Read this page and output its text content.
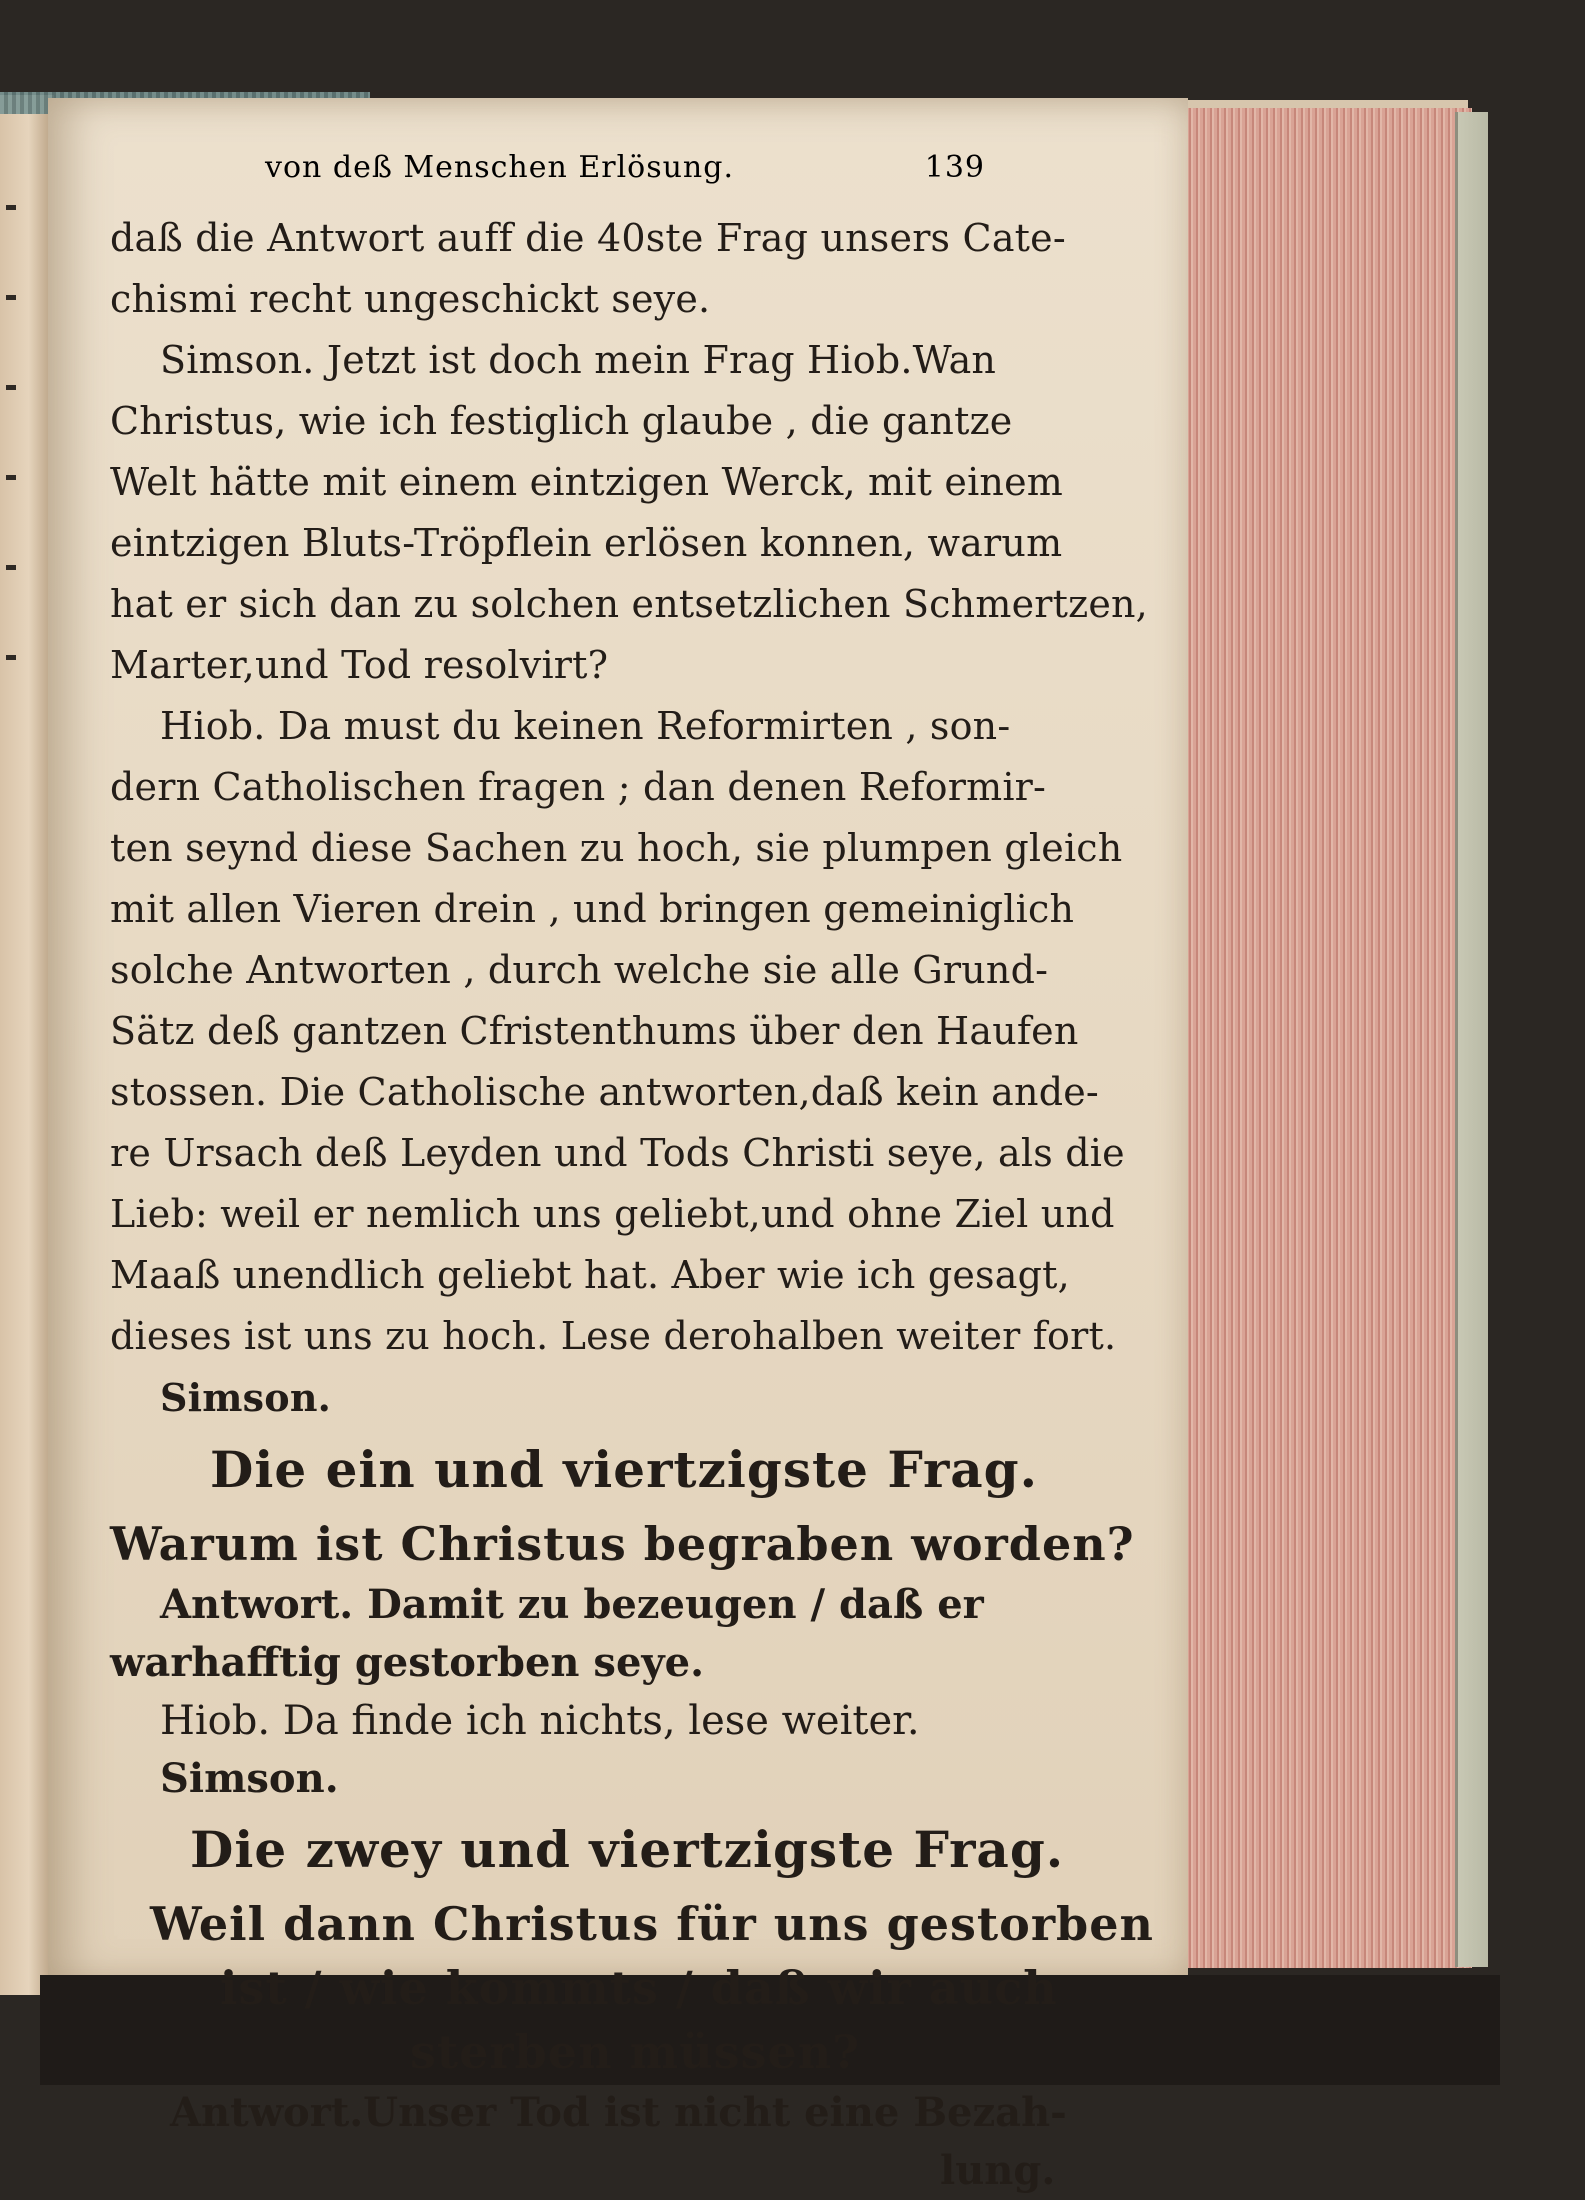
von deß Menschen Erlösung.	139
daß die Antwort auff die 40ste Frag unsers Cate-
chismi recht ungeschickt seye.
Simson. Jetzt ist doch mein Frag Hiob.Wan
Christus, wie ich festiglich glaube , die gantze
Welt hätte mit einem eintzigen Werck, mit einem
eintzigen Bluts-Tröpflein erlösen konnen, warum
hat er sich dan zu solchen entsetzlichen Schmertzen,
Marter,und Tod resolvirt?
Hiob. Da must du keinen Reformirten , son-
dern Catholischen fragen ; dan denen Reformir-
ten seynd diese Sachen zu hoch, sie plumpen gleich
mit allen Vieren drein , und bringen gemeiniglich
solche Antworten , durch welche sie alle Grund-
Sätz deß gantzen Cfristenthums über den Haufen
stossen. Die Catholische antworten,daß kein ande-
re Ursach deß Leyden und Tods Christi seye, als die
Lieb: weil er nemlich uns geliebt,und ohne Ziel und
Maaß unendlich geliebt hat. Aber wie ich gesagt,
dieses ist uns zu hoch. Lese derohalben weiter fort.
Simson.
Die ein und viertzigste Frag.
Warum ist Christus begraben worden?
Antwort. Damit zu bezeugen / daß er
warhafftig gestorben seye.
Hiob. Da finde ich nichts, lese weiter.
Simson.
Die zwey und viertzigste Frag.
Weil dann Christus für uns gestorben
ist / wie kommts / daß wir auch
sterben müssen?
Antwort.Unser Tod ist nicht eine Bezah-
lung.
